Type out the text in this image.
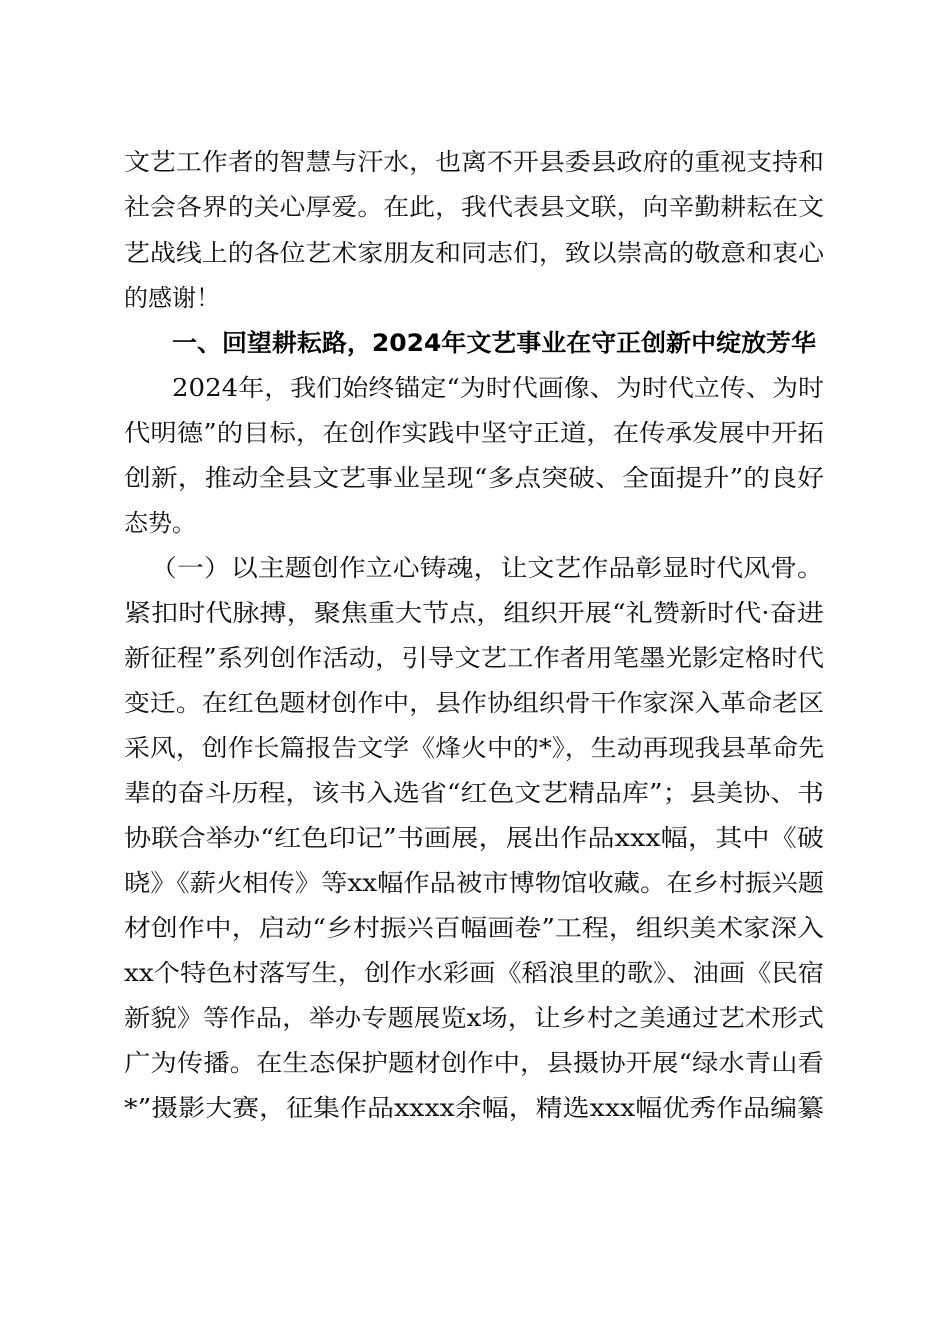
文艺工作者的智慧与汗水，也离不开县委县政府的重视支持和
社会各界的关心厚爱。在此，我代表县文联，向辛勤耕耘在文
艺战线上的各位艺术家朋友和同志们，致以崇高的敬意和衷心
的感谢！
一、回望耕耘路，2024年文艺事业在守正创新中绽放芳华
2024年，我们始终锚定“为时代画像、为时代立传、为时
代明德”的目标，在创作实践中坚守正道，在传承发展中开拓
创新，推动全县文艺事业呈现“多点突破、全面提升”的良好
态势。
（一）以主题创作立心铸魂，让文艺作品彰显时代风骨。
紧扣时代脉搏，聚焦重大节点，组织开展“礼赞新时代·奋进
新征程”系列创作活动，引导文艺工作者用笔墨光影定格时代
变迁。在红色题材创作中，县作协组织骨干作家深入革命老区
采风，创作长篇报告文学《烽火中的*》，生动再现我县革命先
辈的奋斗历程，该书入选省“红色文艺精品库”；县美协、书
协联合举办“红色印记”书画展，展出作品xxx幅，其中《破
晓》《薪火相传》等xx幅作品被市博物馆收藏。在乡村振兴题
材创作中，启动“乡村振兴百幅画卷”工程，组织美术家深入
xx个特色村落写生，创作水彩画《稻浪里的歌》、油画《民宿
新貌》等作品，举办专题展览x场，让乡村之美通过艺术形式
广为传播。在生态保护题材创作中，县摄协开展“绿水青山看
*”摄影大赛，征集作品xxxx余幅，精选xxx幅优秀作品编纂
